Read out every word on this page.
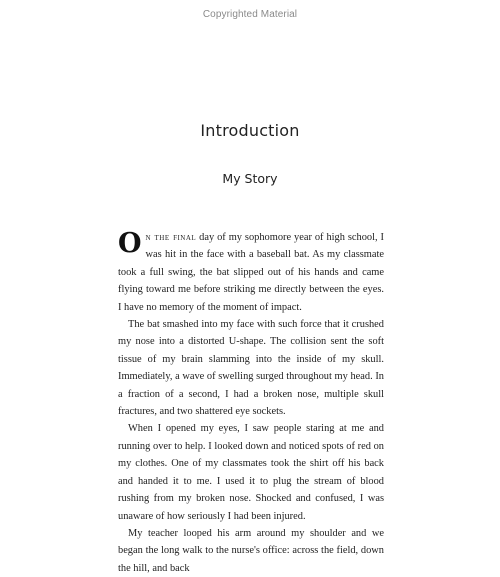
Copyrighted Material
Introduction
My Story

On the final day of my sophomore year of high school, I was hit in the face with a baseball bat. As my classmate took a full swing, the bat slipped out of his hands and came flying toward me before striking me directly between the eyes. I have no memory of the moment of impact.

The bat smashed into my face with such force that it crushed my nose into a distorted U-shape. The collision sent the soft tissue of my brain slamming into the inside of my skull. Immediately, a wave of swelling surged throughout my head. In a fraction of a second, I had a broken nose, multiple skull fractures, and two shattered eye sockets.

When I opened my eyes, I saw people staring at me and running over to help. I looked down and noticed spots of red on my clothes. One of my classmates took the shirt off his back and handed it to me. I used it to plug the stream of blood rushing from my broken nose. Shocked and confused, I was unaware of how seriously I had been injured.

My teacher looped his arm around my shoulder and we began the long walk to the nurse's office: across the field, down the hill, and back
